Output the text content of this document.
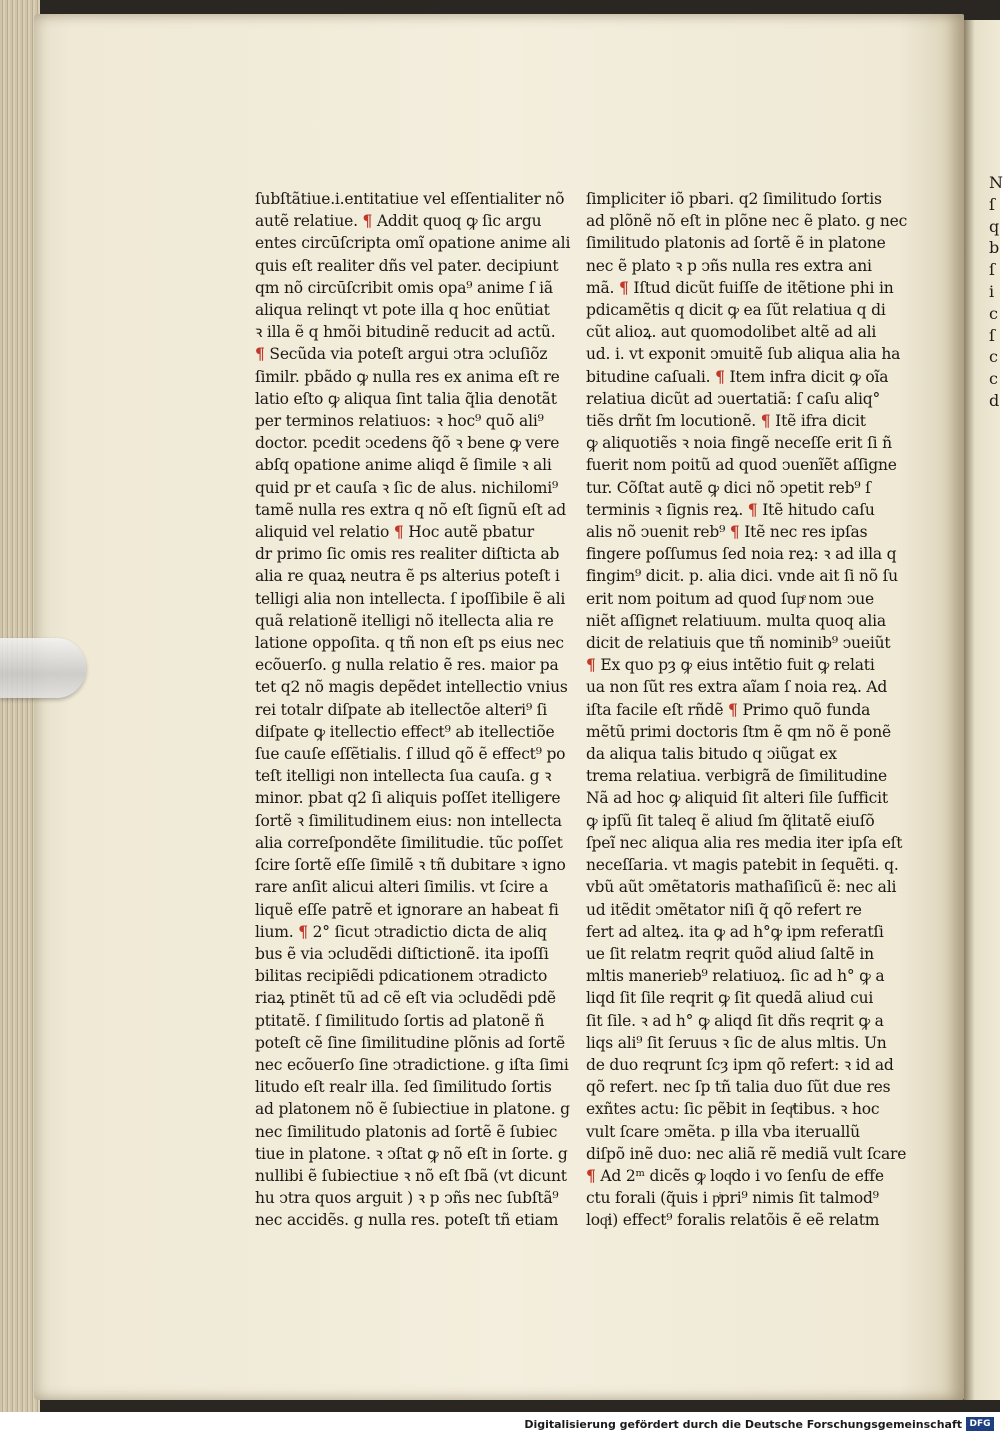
N
ſ
q
b
ſ
i
c
ſ
c
c
d
ſubſtãtiue.i.entitatiue vel eſſentialiter nõ
autẽ relatiue. ¶ Addit quoq ꝙ ſic argu
entes circūſcripta omĩ opatione anime ali
quis eſt realiter dñs vel pater. decipiunt
qm nõ circūſcribit omis opa⁹ anime ſ iã
aliqua relinqt vt pote illa q hoc enũtiat
ꝛ illa ẽ q hmõi bitudinẽ reducit ad actũ.
¶ Secũda via poteſt argui ↄtra ↄcluſiõz
ſimilr. pbãdo ꝙ nulla res ex anima eſt re
latio eſto ꝙ aliqua ſint talia q̃lia denotãt
per terminos relatiuos: ꝛ hoc⁹ quõ ali⁹
doctor. pcedit ↄcedens q̃õ ꝛ bene ꝙ vere
abſq opatione anime aliqd ẽ ſimile ꝛ ali
quid pr et cauſa ꝛ ſic de alus. nichilomi⁹
tamẽ nulla res extra q nõ eſt ſignũ eſt ad
aliquid vel relatio ¶ Hoc autẽ pbatur
dr primo ſic omis res realiter diſticta ab
alia re quaꝝ neutra ẽ ps alterius poteſt i
telligi alia non intellecta. ſ ipoſſibile ẽ ali
quã relationẽ itelligi nõ itellecta alia re
latione oppoſita. q tñ non eſt ps eius nec
ecõuerſo. g nulla relatio ẽ res. maior pa
tet q2 nõ magis depẽdet intellectio vnius
rei totalr diſpate ab itellectõe alteri⁹ ſi
diſpate ꝙ itellectio effect⁹ ab itellectiõe
ſue cauſe eſſẽtialis. ſ illud qõ ẽ effect⁹ po
teſt itelligi non intellecta ſua cauſa. g ꝛ
minor. pbat q2 ſi aliquis poſſet itelligere
ſortẽ ꝛ ſimilitudinem eius: non intellecta
alia correſpondẽte ſimilitudie. tũc poſſet
ſcire ſortẽ eſſe ſimilẽ ꝛ tñ dubitare ꝛ igno
rare anſit alicui alteri ſimilis. vt ſcire a
liquẽ eſſe patrẽ et ignorare an habeat fi
lium. ¶ 2° ſicut ↄtradictio dicta de aliq
bus ẽ via ↄcludẽdi diſtictionẽ. ita ipoſſi
bilitas recipiẽdi pdicationem ↄtradicto
riaꝝ ptinẽt tũ ad cẽ eſt via ↄcludẽdi pdẽ
ptitatẽ. ſ ſimilitudo ſortis ad platonẽ ñ
poteſt cẽ ſine ſimilitudine plõnis ad ſortẽ
nec ecõuerſo ſine ↄtradictione. g iſta ſimi
litudo eſt realr illa. ſed ſimilitudo ſortis
ad platonem nõ ẽ ſubiectiue in platone. g
nec ſimilitudo platonis ad ſortẽ ẽ ſubiec
tiue in platone. ꝛ ↄſtat ꝙ nõ eſt in ſorte. g
nullibi ẽ ſubiectiue ꝛ nõ eſt ſbã (vt dicunt
hu ↄtra quos arguit ) ꝛ p ↄñs nec ſubſtã⁹
nec accidẽs. g nulla res. poteſt tñ etiam
ſimpliciter iõ pbari. q2 ſimilitudo ſortis
ad plõnẽ nõ eſt in plõne nec ẽ plato. g nec
ſimilitudo platonis ad ſortẽ ẽ in platone
nec ẽ plato ꝛ p ↄñs nulla res extra ani
mã. ¶ Iſtud dicũt fuiſſe de itẽtione phi in
pdicamẽtis q dicit ꝙ ea ſũt relatiua q di
cũt alioꝝ. aut quomodolibet altẽ ad ali
ud. i. vt exponit ↄmuitẽ ſub aliqua alia ha
bitudine caſuali. ¶ Item infra dicit ꝙ oĩa
relatiua dicũt ad ↄuertatiã: ſ caſu aliq°
tiẽs drñt ſm locutionẽ. ¶ Itẽ ifra dicit
ꝙ aliquotiẽs ꝛ noia fingẽ neceſſe erit ſi ñ
fuerit nom poitũ ad quod ↄuenĩẽt aſſigne
tur. Cõſtat autẽ ꝙ dici nõ ↄpetit reb⁹ ſ
terminis ꝛ ſignis reꝝ. ¶ Itẽ hitudo caſu
alis nõ ↄuenit reb⁹ ¶ Itẽ nec res ipſas
fingere poſſumus ſed noia reꝝ: ꝛ ad illa q
fingim⁹ dicit. p. alia dici. vnde ait ſi nõ ſu
erit nom poitum ad quod ſupͤ nom ↄue
niẽt aſſigneͬt relatiuum. multa quoq alia
dicit de relatiuis que tñ nominib⁹ ↄueiũt
¶ Ex quo pȝ ꝙ eius intẽtio fuit ꝙ relati
ua non ſũt res extra aĩam ſ noia reꝝ. Ad
iſta facile eſt rñdẽ ¶ Primo quõ funda
mẽtũ primi doctoris ſtm ẽ qm nõ ẽ ponẽ
da aliqua talis bitudo q ↄiũgat ex
trema relatiua. verbigrã de ſimilitudine
Nã ad hoc ꝙ aliquid ſit alteri ſile ſufficit
ꝙ ipſũ ſit taleq ẽ aliud ſm q̃litatẽ eiuſõ
ſpeĩ nec aliqua alia res media iter ipſa eſt
neceſſaria. vt magis patebit in ſequẽti. q.
vbũ aũt ↄmẽtatoris mathaſiſicũ ẽ: nec ali
ud itẽdit ↄmẽtator niſi q̃ qõ refert re
fert ad alteꝝ. ita ꝙ ad h°ꝙ ipm referatſi
ue ſit relatm reqrit quõd aliud ſaltẽ in
mltis manerieb⁹ relatiuoꝝ. ſic ad h° ꝙ a
liqd ſit ſile reqrit ꝙ ſit quedã aliud cui
ſit ſile. ꝛ ad h° ꝙ aliqd ſit dñs reqrit ꝙ a
liqs ali⁹ ſit ſeruus ꝛ ſic de alus mltis. Un
de duo reqrunt ſcȝ ipm qõ refert: ꝛ id ad
qõ refert. nec ſp tñ talia duo ſũt due res
exñtes actu: ſic pẽbit in ſeqͣtibus. ꝛ hoc
vult ſcare ↄmẽta. p illa vba iteruallũ
diſpõ inẽ duo: nec aliã rẽ mediã vult ſcare
¶ Ad 2ᵐ dicẽs ꝙ loqͦdo i vo ſenſu de effe
ctu forali (q̃uis i pͥpri⁹ nimis ſit talmod⁹
loqͦi) effect⁹ foralis relatõis ẽ eẽ relatm
Digitalisierung gefördert durch die Deutsche Forschungsgemeinschaft DFG
